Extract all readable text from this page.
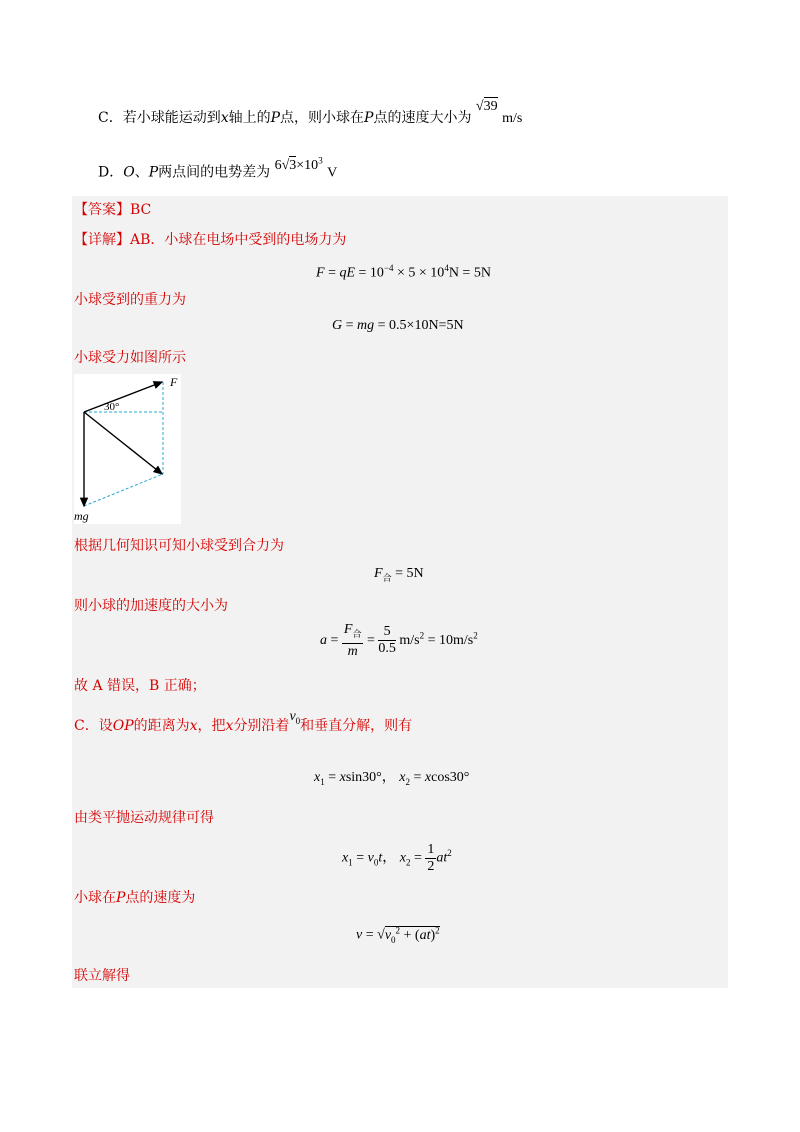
C．若小球能运动到x轴上的P点，则小球在P点的速度大小为 √39 m/s
D．O、P两点间的电势差为 $6√3\times 10^3$ V
【答案】BC
【详解】AB．小球在电场中受到的电场力为
F = qE = $10^{-4} \times 5 \times 10^4N = 5N$
小球受到的重力为
G = mg = 0.5×10N=5N
小球受力如图所示
30°
F
mg
根据几何知识可知小球受到合力为
$F_合 = 5N$
则小球的加速度的大小为
$a = \frac{F_合}{m} = \frac{5}{0.5} m/s^2 = 10m/s^2$
故 A 错误，B 正确；
C．设OP的距离为x，把x分别沿着$v_0$和垂直分解，则有
$x_1 = xsin30^\circ$， $x_2 = xcos30^\circ$
由类平抛运动规律可得
$x_1 = v_0t$， $x_2 = \frac{1}{2} at^2$
小球在P点的速度为
$v = √v_0^2 + (at)^2$
联立解得
